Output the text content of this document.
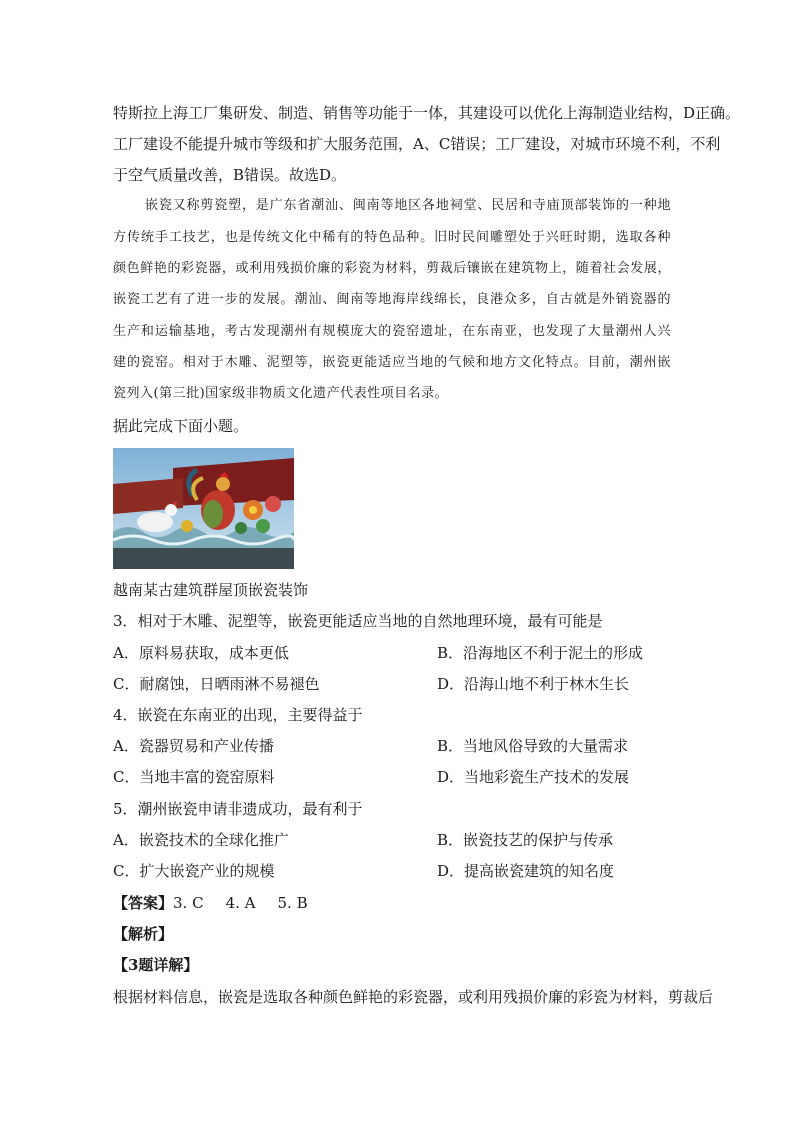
特斯拉上海工厂集研发、制造、销售等功能于一体，其建设可以优化上海制造业结构，D正确。
工厂建设不能提升城市等级和扩大服务范围，A、C错误；工厂建设，对城市环境不利，不利
于空气质量改善，B错误。故选D。
嵌瓷又称剪瓷塑，是广东省潮汕、闽南等地区各地祠堂、民居和寺庙顶部装饰的一种地
方传统手工技艺，也是传统文化中稀有的特色品种。旧时民间雕塑处于兴旺时期，选取各种
颜色鲜艳的彩瓷器，或利用残损价廉的彩瓷为材料，剪裁后镶嵌在建筑物上，随着社会发展，
嵌瓷工艺有了进一步的发展。潮汕、闽南等地海岸线绵长，良港众多，自古就是外销瓷器的
生产和运输基地，考古发现潮州有规模庞大的瓷窑遗址，在东南亚，也发现了大量潮州人兴
建的瓷窑。相对于木雕、泥塑等，嵌瓷更能适应当地的气候和地方文化特点。目前，潮州嵌
瓷列入(第三批)国家级非物质文化遗产代表性项目名录。
据此完成下面小题。
越南某古建筑群屋顶嵌瓷装饰
3．相对于木雕、泥塑等，嵌瓷更能适应当地的自然地理环境，最有可能是
A．原料易获取，成本更低	B．沿海地区不利于泥土的形成
C．耐腐蚀，日晒雨淋不易褪色	D．沿海山地不利于林木生长
4．嵌瓷在东南亚的出现，主要得益于
A．瓷器贸易和产业传播	B．当地风俗导致的大量需求
C．当地丰富的瓷窑原料	D．当地彩瓷生产技术的发展
5．潮州嵌瓷申请非遗成功，最有利于
A．嵌瓷技术的全球化推广	B．嵌瓷技艺的保护与传承
C．扩大嵌瓷产业的规模	D．提高嵌瓷建筑的知名度
【答案】3. C 4. A 5. B
【解析】
【3题详解】
根据材料信息，嵌瓷是选取各种颜色鲜艳的彩瓷器，或利用残损价廉的彩瓷为材料，剪裁后
